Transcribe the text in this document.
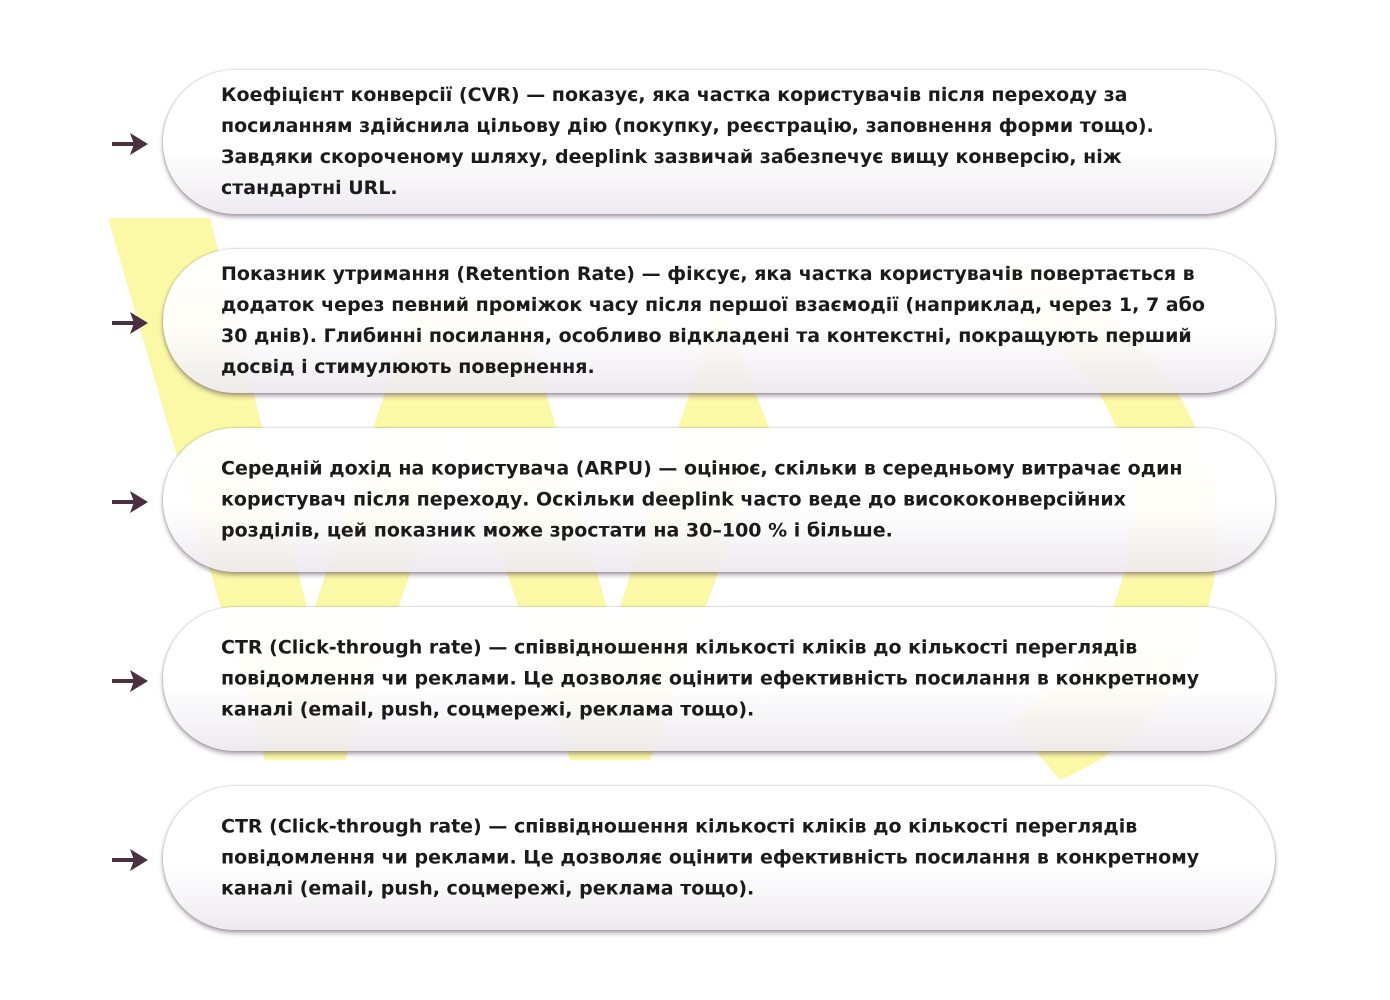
Коефіцієнт конверсії (CVR) — показує, яка частка користувачів після переходу за посиланням здійснила цільову дію (покупку, реєстрацію, заповнення форми тощо). Завдяки скороченому шляху, deeplink зазвичай забезпечує вищу конверсію, ніж стандартні URL.

Показник утримання (Retention Rate) — фіксує, яка частка користувачів повертається в додаток через певний проміжок часу після першої взаємодії (наприклад, через 1, 7 або 30 днів). Глибинні посилання, особливо відкладені та контекстні, покращують перший досвід і стимулюють повернення.

Середній дохід на користувача (ARPU) — оцінює, скільки в середньому витрачає один користувач після переходу. Оскільки deeplink часто веде до висококонверсійних розділів, цей показник може зростати на 30–100 % і більше.

CTR (Click-through rate) — співвідношення кількості кліків до кількості переглядів повідомлення чи реклами. Це дозволяє оцінити ефективність посилання в конкретному каналі (email, push, соцмережі, реклама тощо).

CTR (Click-through rate) — співвідношення кількості кліків до кількості переглядів повідомлення чи реклами. Це дозволяє оцінити ефективність посилання в конкретному каналі (email, push, соцмережі, реклама тощо).
